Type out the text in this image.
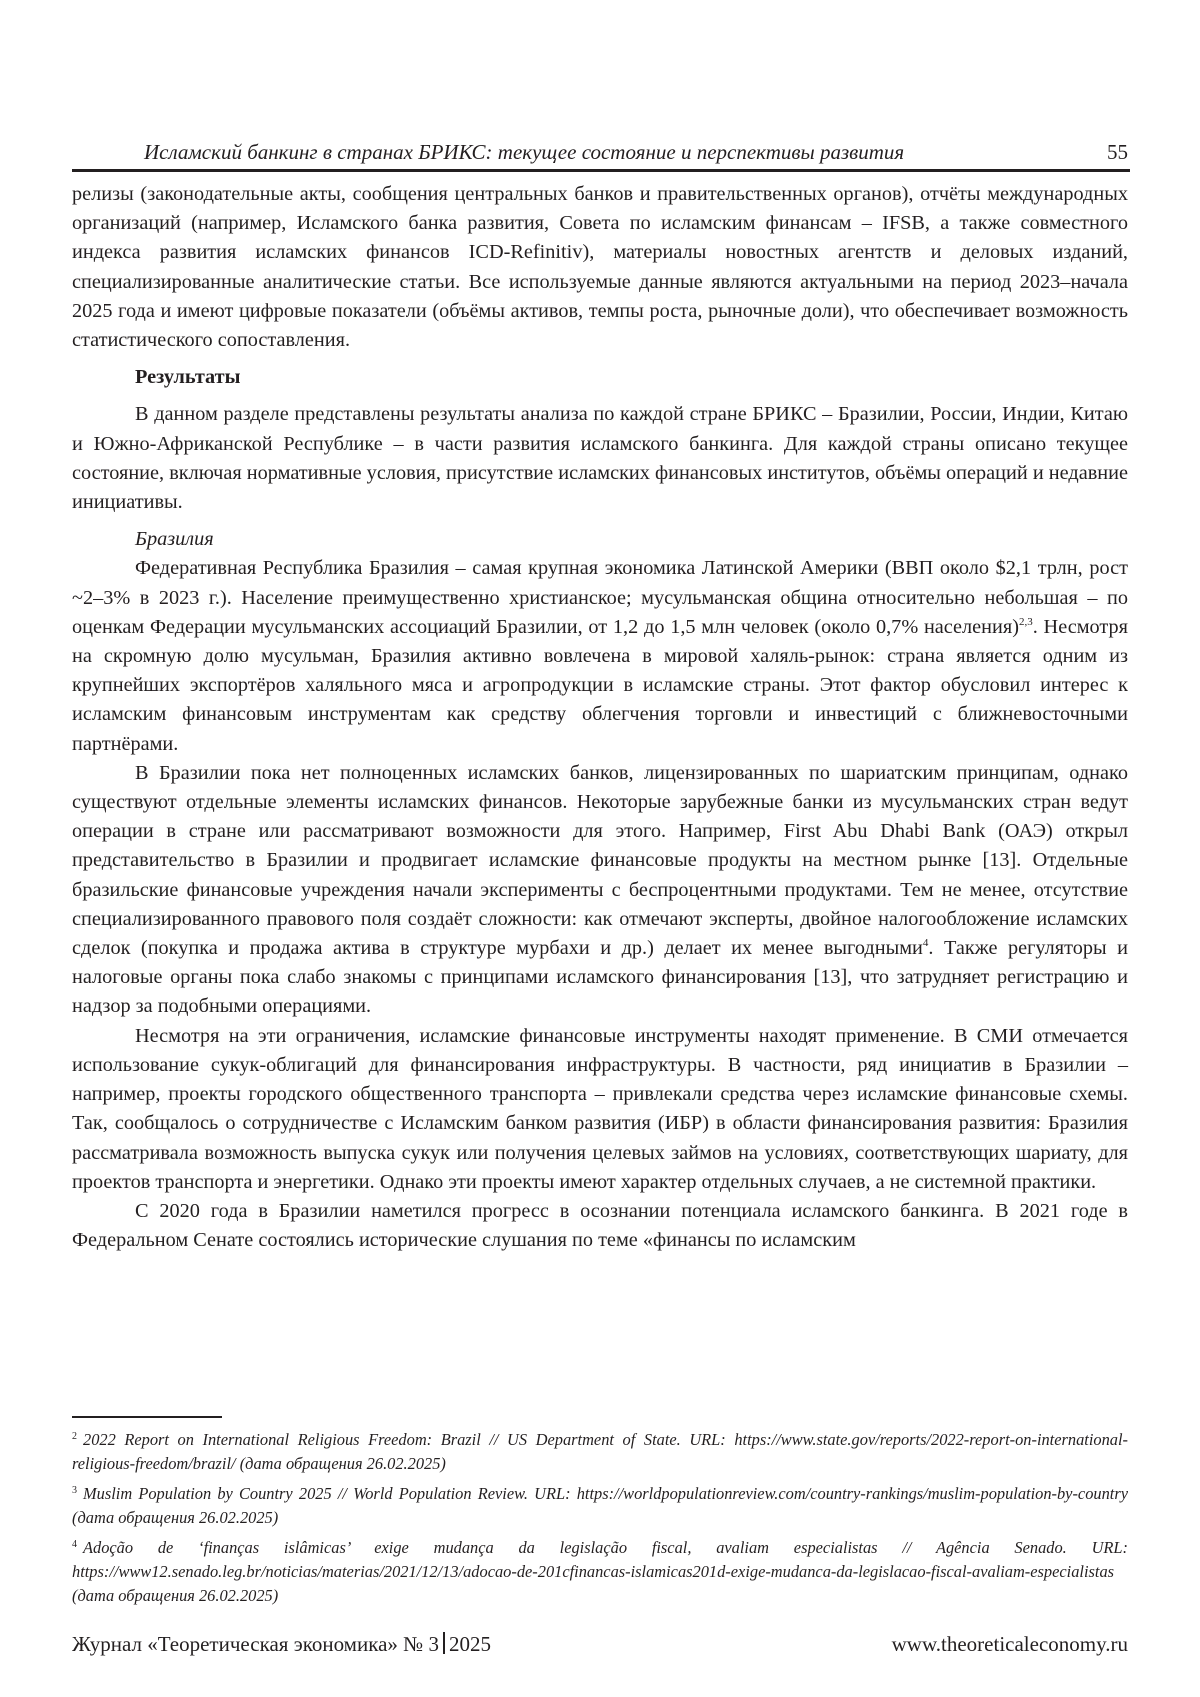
Исламский банкинг в странах БРИКС: текущее состояние и перспективы развития	55

релизы (законодательные акты, сообщения центральных банков и правительственных органов), отчёты международных организаций (например, Исламского банка развития, Совета по исламским финансам – IFSB, а также совместного индекса развития исламских финансов ICD-Refinitiv), материалы новостных агентств и деловых изданий, специализированные аналитические статьи. Все используемые данные являются актуальными на период 2023–начала 2025 года и имеют цифровые показатели (объёмы активов, темпы роста, рыночные доли), что обеспечивает возможность статистического сопоставления.

Результаты

В данном разделе представлены результаты анализа по каждой стране БРИКС – Бразилии, России, Индии, Китаю и Южно-Африканской Республике – в части развития исламского банкинга. Для каждой страны описано текущее состояние, включая нормативные условия, присутствие исламских финансовых институтов, объёмы операций и недавние инициативы.

Бразилия

Федеративная Республика Бразилия – самая крупная экономика Латинской Америки (ВВП около $2,1 трлн, рост ~2–3% в 2023 г.). Население преимущественно христианское; мусульманская община относительно небольшая – по оценкам Федерации мусульманских ассоциаций Бразилии, от 1,2 до 1,5 млн человек (около 0,7% населения)$^{2,3}$. Несмотря на скромную долю мусульман, Бразилия активно вовлечена в мировой халяль-рынок: страна является одним из крупнейших экспортёров халяльного мяса и агропродукции в исламские страны. Этот фактор обусловил интерес к исламским финансовым инструментам как средству облегчения торговли и инвестиций с ближневосточными партнёрами.

В Бразилии пока нет полноценных исламских банков, лицензированных по шариатским принципам, однако существуют отдельные элементы исламских финансов. Некоторые зарубежные банки из мусульманских стран ведут операции в стране или рассматривают возможности для этого. Например, First Abu Dhabi Bank (ОАЭ) открыл представительство в Бразилии и продвигает исламские финансовые продукты на местном рынке [13]. Отдельные бразильские финансовые учреждения начали эксперименты с беспроцентными продуктами. Тем не менее, отсутствие специализированного правового поля создаёт сложности: как отмечают эксперты, двойное налогообложение исламских сделок (покупка и продажа актива в структуре мурбахи и др.) делает их менее выгодными$^4$. Также регуляторы и налоговые органы пока слабо знакомы с принципами исламского финансирования [13], что затрудняет регистрацию и надзор за подобными операциями.

Несмотря на эти ограничения, исламские финансовые инструменты находят применение. В СМИ отмечается использование сукук-облигаций для финансирования инфраструктуры. В частности, ряд инициатив в Бразилии – например, проекты городского общественного транспорта – привлекали средства через исламские финансовые схемы. Так, сообщалось о сотрудничестве с Исламским банком развития (ИБР) в области финансирования развития: Бразилия рассматривала возможность выпуска сукук или получения целевых займов на условиях, соответствующих шариату, для проектов транспорта и энергетики. Однако эти проекты имеют характер отдельных случаев, а не системной практики.

С 2020 года в Бразилии наметился прогресс в осознании потенциала исламского банкинга. В 2021 годе в Федеральном Сенате состоялись исторические слушания по теме «финансы по исламским

$^2$ 2022 Report on International Religious Freedom: Brazil // US Department of State. URL: https://www.state.gov/reports/2022-report-on-international-religious-freedom/brazil/ (дата обращения 26.02.2025)

$^3$ Muslim Population by Country 2025 // World Population Review. URL: https://worldpopulationreview.com/country-rankings/muslim-population-by-country (дата обращения 26.02.2025)

$^4$ Adoção de ‘finanças islâmicas’ exige mudança da legislação fiscal, avaliam especialistas // Agência Senado. URL: https://www12.senado.leg.br/noticias/materias/2021/12/13/adocao-de-201cfinancas-islamicas201d-exige-mudanca-da-legislacao-fiscal-avaliam-especialistas (дата обращения 26.02.2025)

Журнал «Теоретическая экономика» № 3 2025	www.theoreticaleconomy.ru
